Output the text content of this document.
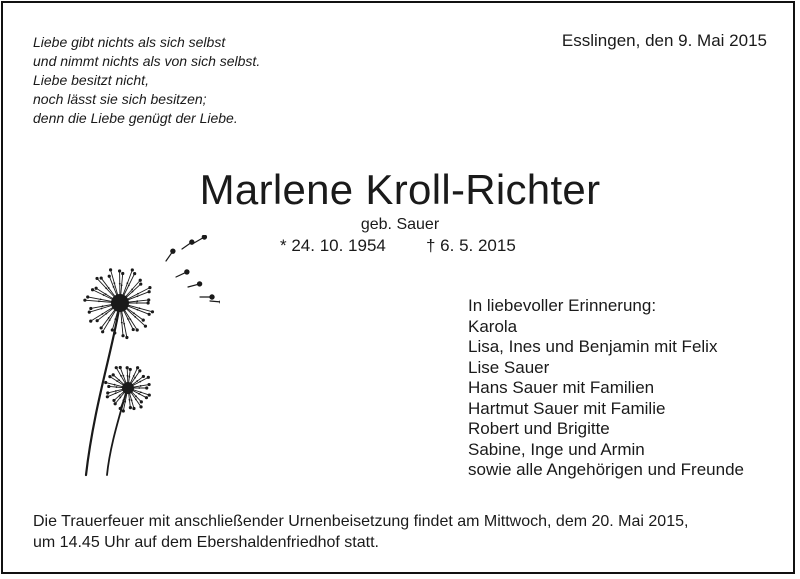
Liebe gibt nichts als sich selbst
und nimmt nichts als von sich selbst.
Liebe besitzt nicht,
noch lässt sie sich besitzen;
denn die Liebe genügt der Liebe.
Esslingen, den 9. Mai 2015
Marlene Kroll-Richter
geb. Sauer
* 24. 10. 1954 † 6. 5. 2015
In liebevoller Erinnerung:
Karola
Lisa, Ines und Benjamin mit Felix
Lise Sauer
Hans Sauer mit Familien
Hartmut Sauer mit Familie
Robert und Brigitte
Sabine, Inge und Armin
sowie alle Angehörigen und Freunde
Die Trauerfeuer mit anschließender Urnenbeisetzung findet am Mittwoch, dem 20. Mai 2015,
um 14.45 Uhr auf dem Ebershaldenfriedhof statt.
